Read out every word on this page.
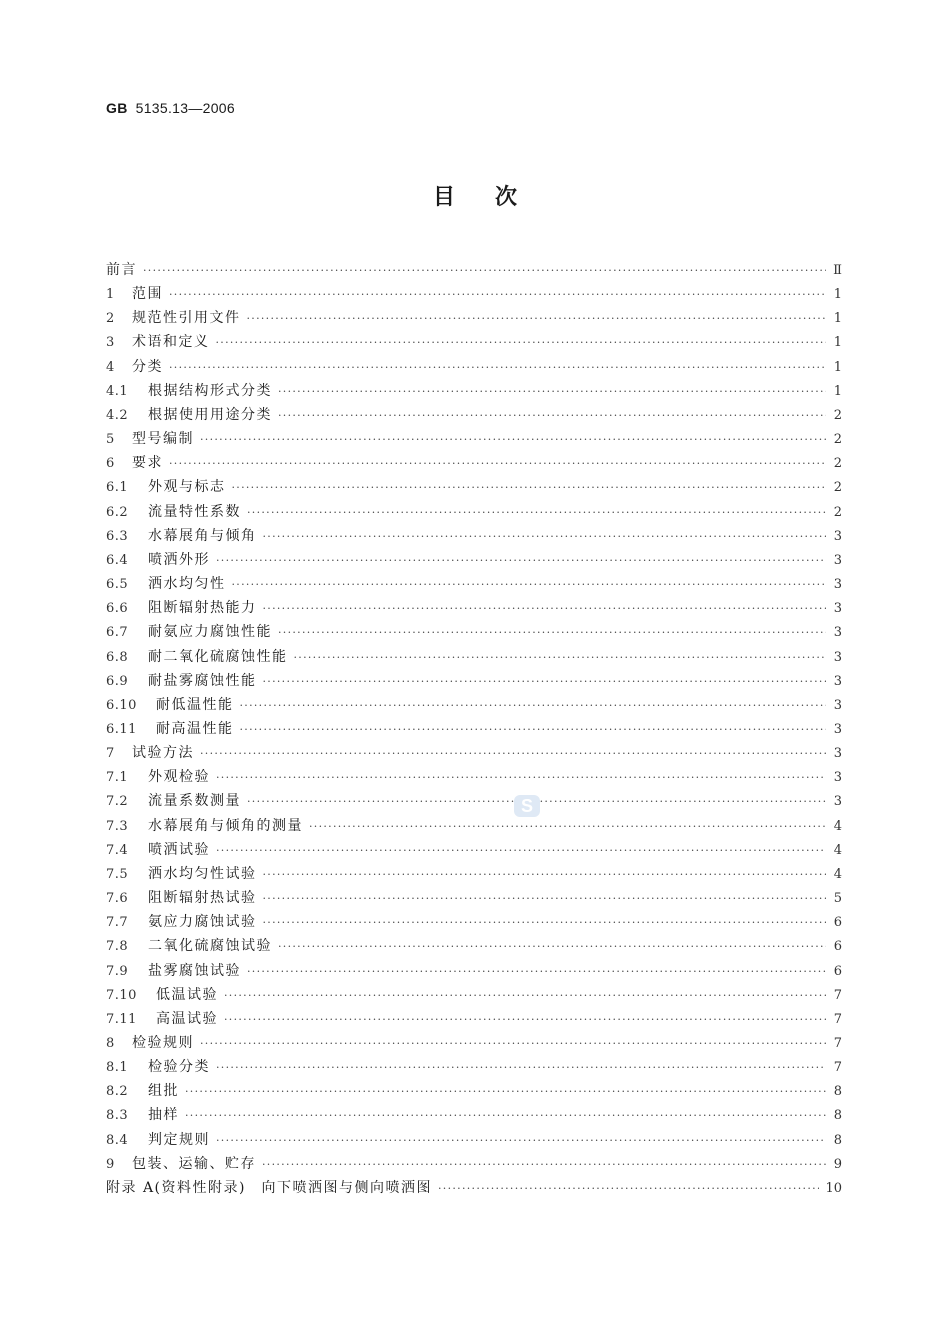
GB 5135.13—2006
目次
前言 ·····	Ⅱ
1	范围 ·····	1
2	规范性引用文件 ·····	1
3	术语和定义 ·····	1
4	分类 ·····	1
4.1	根据结构形式分类 ·····	1
4.2	根据使用用途分类 ·····	2
5	型号编制 ·····	2
6	要求 ·····	2
6.1	外观与标志 ·····	2
6.2	流量特性系数 ·····	2
6.3	水幕展角与倾角 ·····	3
6.4	喷洒外形 ·····	3
6.5	洒水均匀性 ·····	3
6.6	阻断辐射热能力 ·····	3
6.7	耐氨应力腐蚀性能 ·····	3
6.8	耐二氧化硫腐蚀性能 ·····	3
6.9	耐盐雾腐蚀性能 ·····	3
6.10	耐低温性能 ·····	3
6.11	耐高温性能 ·····	3
7	试验方法 ·····	3
7.1	外观检验 ·····	3
7.2	流量系数测量 ·····	3
7.3	水幕展角与倾角的测量 ·····	4
7.4	喷洒试验 ·····	4
7.5	洒水均匀性试验 ·····	4
7.6	阻断辐射热试验 ·····	5
7.7	氨应力腐蚀试验 ·····	6
7.8	二氧化硫腐蚀试验 ·····	6
7.9	盐雾腐蚀试验 ·····	6
7.10	低温试验 ·····	7
7.11	高温试验 ·····	7
8	检验规则 ·····	7
8.1	检验分类 ·····	7
8.2	组批 ·····	8
8.3	抽样 ·····	8
8.4	判定规则 ·····	8
9	包装、运输、贮存 ·····	9
附录 A(资料性附录)　向下喷洒图与侧向喷洒图 ·····	10
S
